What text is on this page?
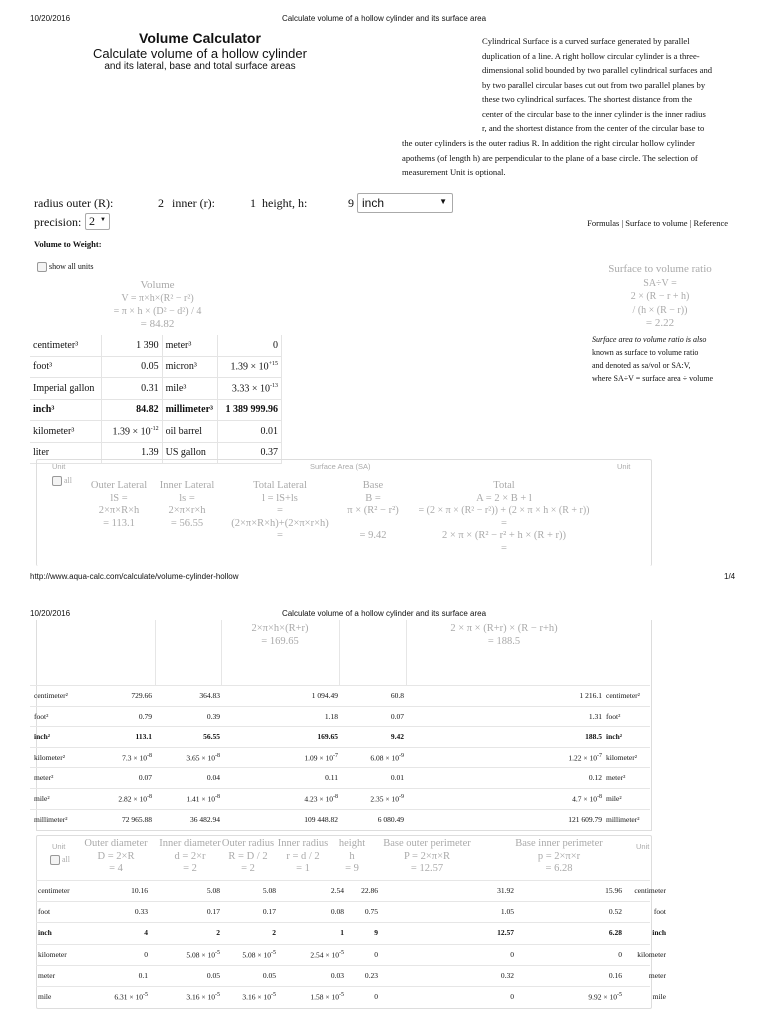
10/20/2016	Calculate volume of a hollow cylinder and its surface area
Volume Calculator
Calculate volume of a hollow cylinder
and its lateral, base and total surface areas
Cylindrical Surface is a curved surface generated by parallel
duplication of a line. A right hollow circular cylinder is a three-
dimensional solid bounded by two parallel cylindrical surfaces and
by two parallel circular bases cut out from two parallel planes by
these two cylindrical surfaces. The shortest distance from the
center of the circular base to the inner cylinder is the inner radius
r, and the shortest distance from the center of the circular base to
the outer cylinders is the outer radius R. In addition the right circular hollow cylinder
apothems (of length h) are perpendicular to the plane of a base circle. The selection of
measurement Unit is optional.
radius outer (R):	2 inner (r):	1 height, h:	9 inch	▼
precision: 2 ▼	Formulas | Surface to volume | Reference
Volume to Weight:
show all units
Volume
V = π×h×(R² − r²)
= π × h × (D² − d²) / 4
= 84.82
centimeter³	1 390	meter³	0
foot³	0.05	micron³	$1.39 \times 10^{+15}$
Imperial gallon	0.31	mile³	$3.33 \times 10^{-13}$
inch³	84.82	millimeter³	1 389 999.96
kilometer³	$1.39 \times 10^{-12}$	oil barrel	0.01
liter	1.39	US gallon	0.37
Surface to volume ratio
SA÷V =
2 × (R − r + h)
/ (h × (R − r))
= 2.22
Surface area to volume ratio is also
known as surface to volume ratio
and denoted as sa/vol or SA:V,
where SA÷V = surface area ÷ volume
Unit	Surface Area (SA)	Unit
all	Outer Lateral
lS =
2×π×R×h
= 113.1
Inner Lateral
ls =
2×π×r×h
= 56.55
Total Lateral
l = lS+ls
=
(2×π×R×h)+(2×π×r×h)
=
Base
B =
π × (R² − r²)
= 9.42
Total
A = 2 × B + l
= (2 × π × (R² − r²)) + (2 × π × h × (R + r))
=
2 × π × (R² − r² + h × (R + r))
=
http://www.aqua-calc.com/calculate/volume-cylinder-hollow	1/4
10/20/2016	Calculate volume of a hollow cylinder and its surface area
2×π×h×(R+r)
= 169.65
2 × π × (R+r) × (R − r+h)
= 188.5
centimeter²	729.66	364.83	1 094.49	60.8	1 216.1 centimeter²
foot²	0.79	0.39	1.18	0.07	1.31 foot²
inch²	113.1	56.55	169.65	9.42	188.5 inch²
kilometer²	$7.3 \times 10^{-8}$	$3.65 \times 10^{-8}$	$1.09 \times 10^{-7}$	$6.08 \times 10^{-9}$	$1.22 \times 10^{-7}$ kilometer²
meter²	0.07	0.04	0.11	0.01	0.12 meter²
mile²	$2.82 \times 10^{-8}$	$1.41 \times 10^{-8}$	$4.23 \times 10^{-8}$	$2.35 \times 10^{-9}$	$4.7 \times 10^{-8}$ mile²
millimeter²	72 965.88	36 482.94	109 448.82	6 080.49	121 609.79 millimeter²
Unit	Unit
all
Outer diameter
D = 2×R
= 4
Inner diameter
d = 2×r
= 2
Outer radius
R = D / 2
= 2
Inner radius
r = d / 2
= 1
height
h
= 9
Base outer perimeter
P = 2×π×R
= 12.57
Base inner perimeter
p = 2×π×r
= 6.28
centimeter	10.16	5.08	5.08	2.54	22.86	31.92	15.96	centimeter
foot	0.33	0.17	0.17	0.08	0.75	1.05	0.52	foot
inch	4	2	2	1	9	12.57	6.28	inch
kilometer	0	$5.08 \times 10^{-5}$	$5.08 \times 10^{-5}$	$2.54 \times 10^{-5}$	0	0	0	kilometer
meter	0.1	0.05	0.05	0.03	0.23	0.32	0.16	meter
mile	$6.31 \times 10^{-5}$	$3.16 \times 10^{-5}$	$3.16 \times 10^{-5}$	$1.58 \times 10^{-5}$	0	0	$9.92 \times 10^{-5}$	mile
